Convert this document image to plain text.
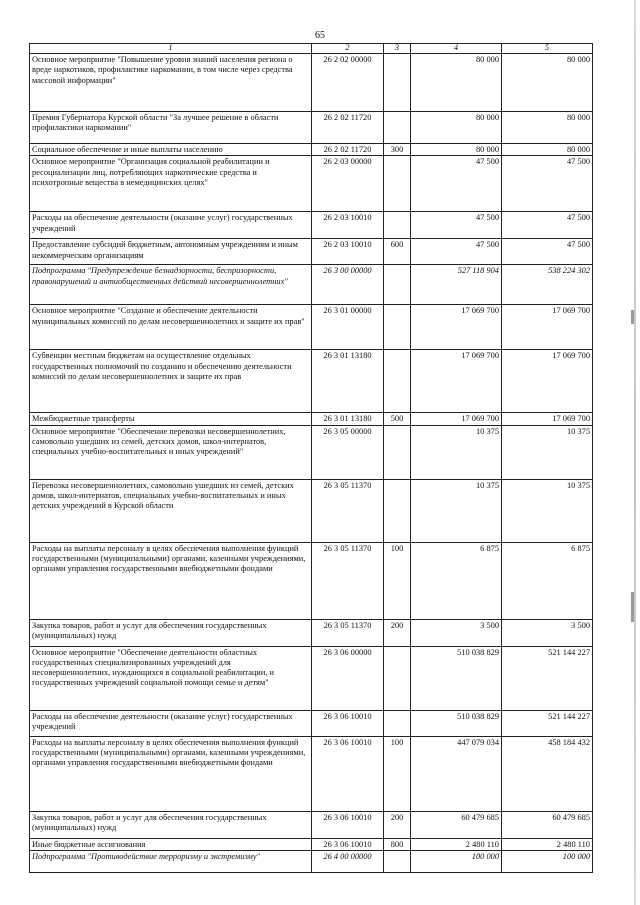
65
1	2	3	4	5
Основное мероприятие "Повышение уровня знаний населения региона о вреде наркотиков, профилактике наркомании, в том числе через средства массовой информации"	26 2 02 00000		80 000	80 000
Премия Губернатора Курской области "За лучшее решение в области профилактики наркомании"	26 2 02 11720		80 000	80 000
Социальное обеспечение и иные выплаты населению	26 2 02 11720	300	80 000	80 000
Основное мероприятие "Организация социальной реабилитации и ресоциализации лиц, потребляющих наркотические средства и психотропные вещества в немедицинских целях"	26 2 03 00000		47 500	47 500
Расходы на обеспечение деятельности (оказание услуг) государственных учреждений	26 2 03 10010		47 500	47 500
Предоставление субсидий бюджетным, автономным учреждениям и иным некоммерческим организациям	26 2 03 10010	600	47 500	47 500
Подпрограмма "Предупреждение безнадзорности, беспризорности, правонарушений и антиобщественных действий несовершеннолетних"	26 3 00 00000		527 118 904	538 224 302
Основное мероприятие "Создание и обеспечение деятельности муниципальных комиссий по делам несовершеннолетних и защите их прав"	26 3 01 00000		17 069 700	17 069 700
Субвенции местным бюджетам на осуществление отдельных государственных полномочий по созданию и обеспечению деятельности комиссий по делам несовершеннолетних и защите их прав	26 3 01 13180		17 069 700	17 069 700
Межбюджетные трансферты	26 3 01 13180	500	17 069 700	17 069 700
Основное мероприятие "Обеспечение перевозки несовершеннолетних, самовольно ушедших из семей, детских домов, школ-интернатов, специальных учебно-воспитательных и иных учреждений"	26 3 05 00000		10 375	10 375
Перевозка несовершеннолетних, самовольно ушедших из семей, детских домов, школ-интернатов, специальных учебно-воспитательных и иных детских учреждений в Курской области	26 3 05 11370		10 375	10 375
Расходы на выплаты персоналу в целях обеспечения выполнения функций государственными (муниципальными) органами, казенными учреждениями, органами управления государственными внебюджетными фондами	26 3 05 11370	100	6 875	6 875
Закупка товаров, работ и услуг для обеспечения государственных (муниципальных) нужд	26 3 05 11370	200	3 500	3 500
Основное мероприятие "Обеспечение деятельности областных государственных специализированных учреждений для несовершеннолетних, нуждающихся в социальной реабилитации, и государственных учреждений социальной помощи семье и детям"	26 3 06 00000		510 038 829	521 144 227
Расходы на обеспечение деятельности (оказание услуг) государственных учреждений	26 3 06 10010		510 038 829	521 144 227
Расходы на выплаты персоналу в целях обеспечения выполнения функций государственными (муниципальными) органами, казенными учреждениями, органами управления государственными внебюджетными фондами	26 3 06 10010	100	447 079 034	458 184 432
Закупка товаров, работ и услуг для обеспечения государственных (муниципальных) нужд	26 3 06 10010	200	60 479 685	60 479 685
Иные бюджетные ассигнования	26 3 06 10010	800	2 480 110	2 480 110
Подпрограмма "Противодействие терроризму и экстремизму"	26 4 00 00000		100 000	100 000
